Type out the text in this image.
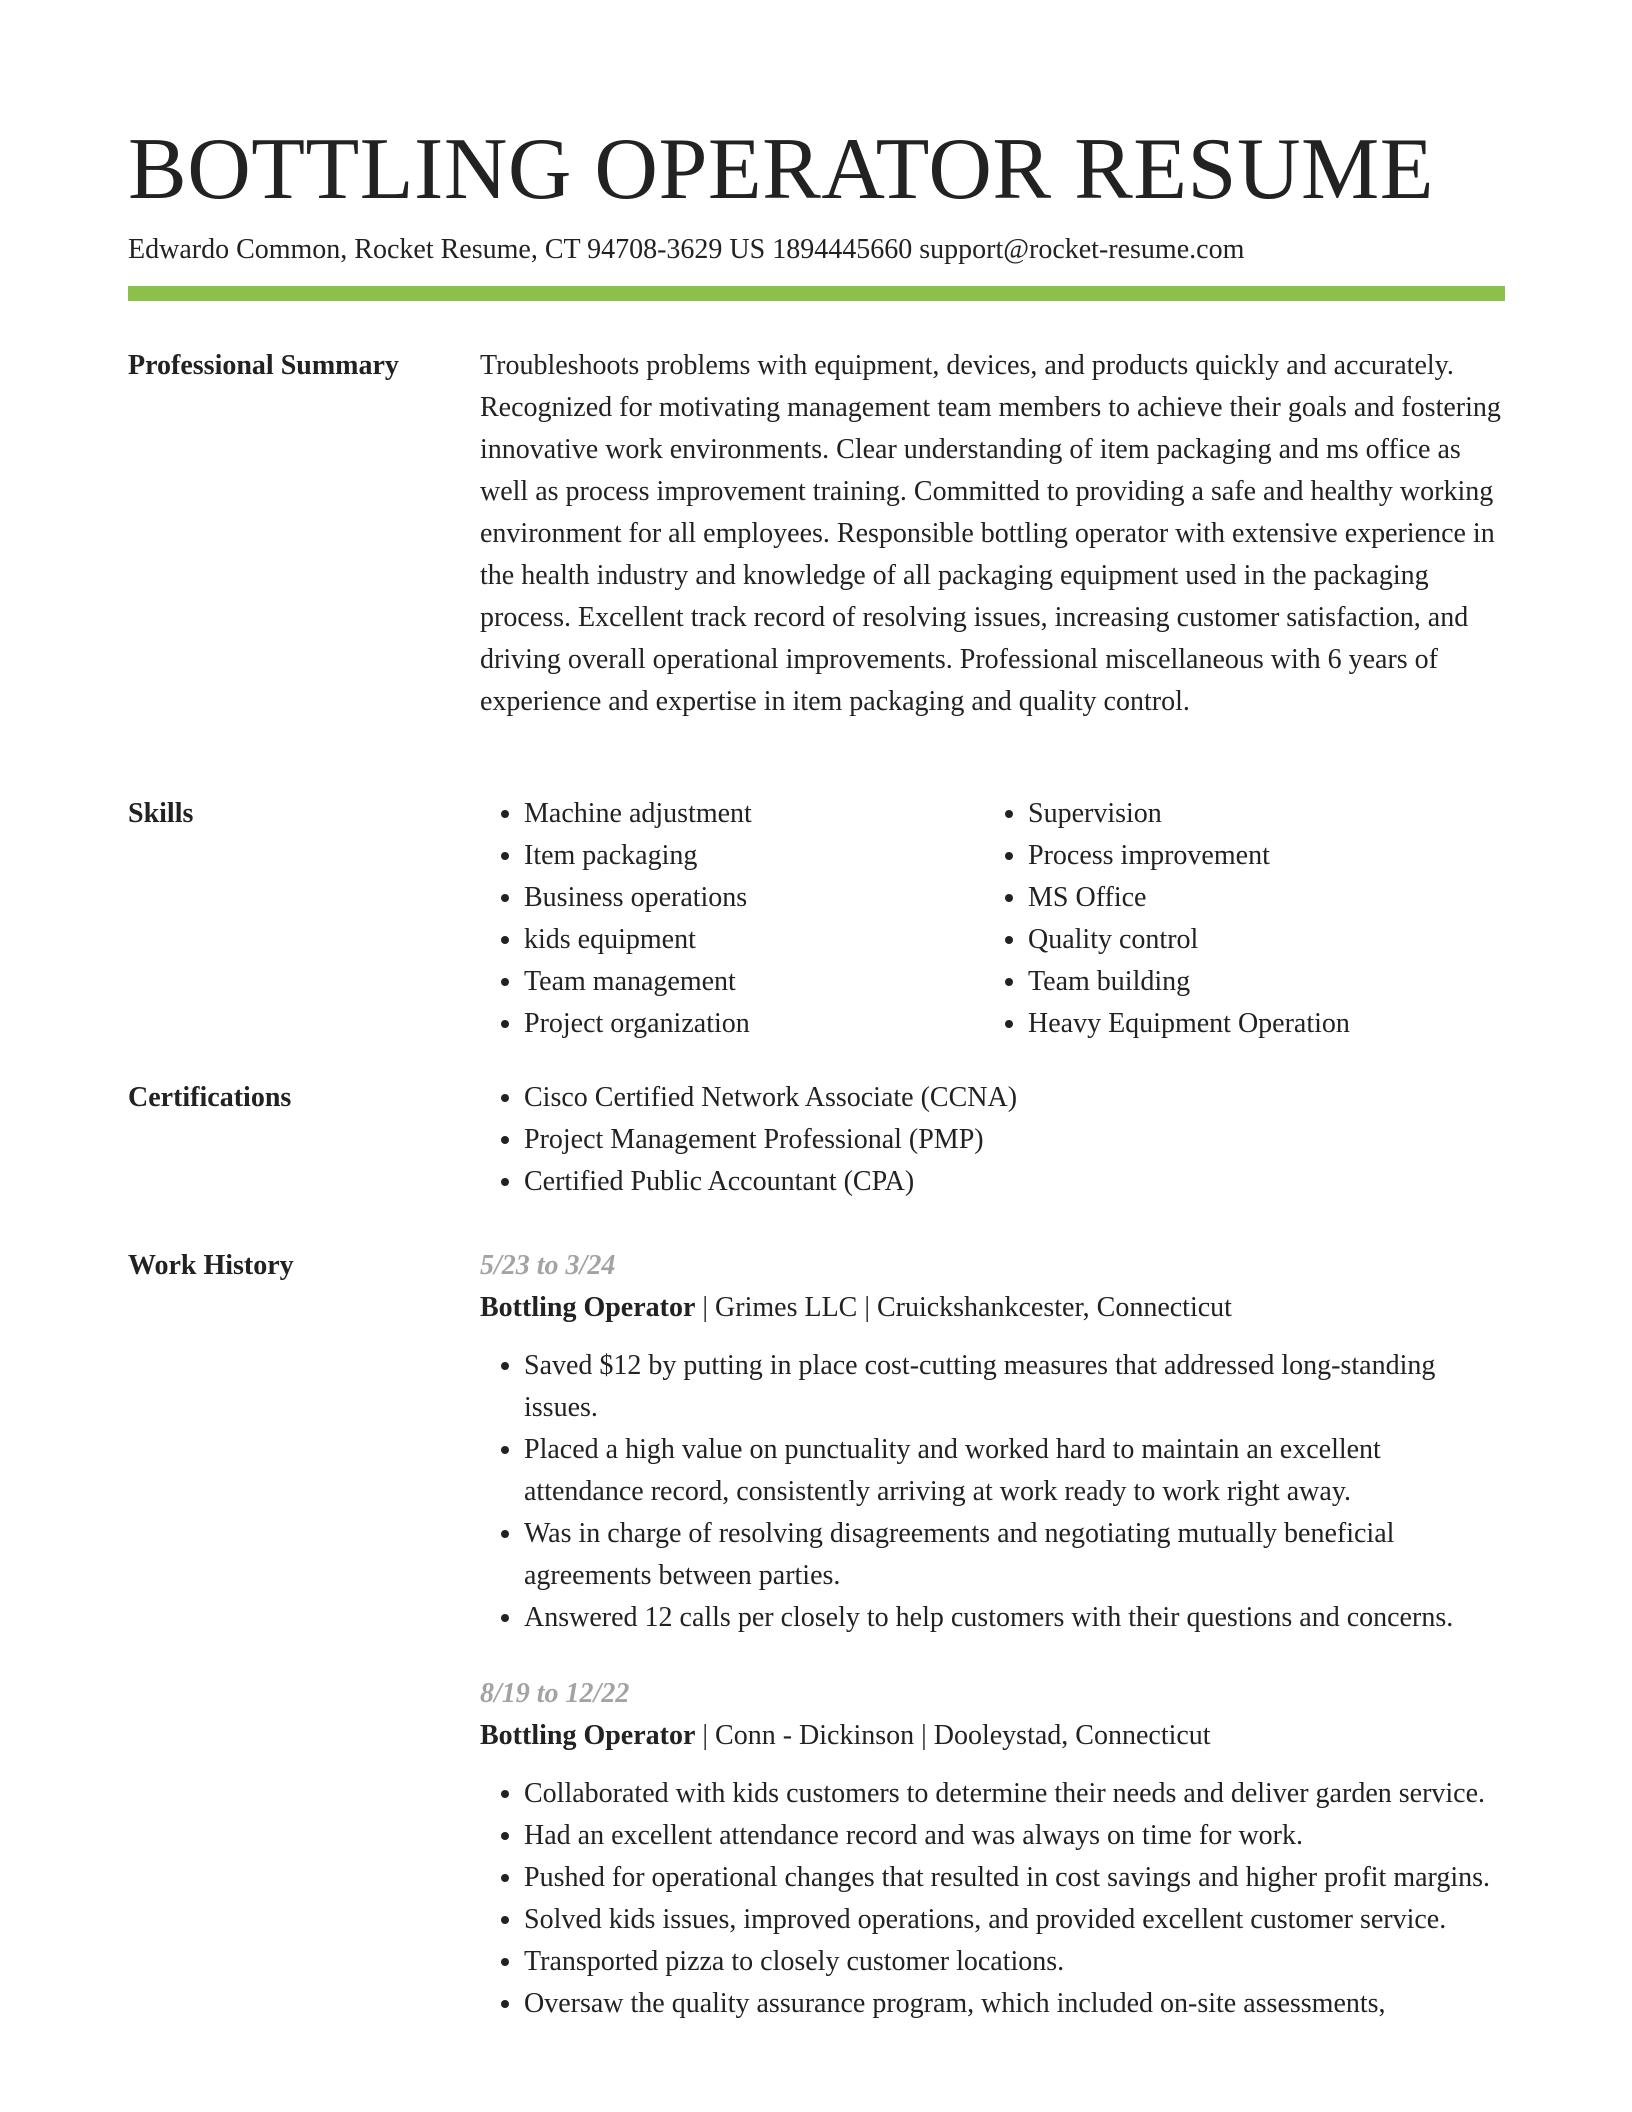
BOTTLING OPERATOR RESUME
Edwardo Common, Rocket Resume, CT 94708-3629 US 1894445660 support@rocket-resume.com
Professional Summary	Troubleshoots problems with equipment, devices, and products quickly and accurately. Recognized for motivating management team members to achieve their goals and fostering innovative work environments. Clear understanding of item packaging and ms office as well as process improvement training. Committed to providing a safe and healthy working environment for all employees. Responsible bottling operator with extensive experience in the health industry and knowledge of all packaging equipment used in the packaging process. Excellent track record of resolving issues, increasing customer satisfaction, and driving overall operational improvements. Professional miscellaneous with 6 years of experience and expertise in item packaging and quality control.

Skills	• Machine adjustment
• Item packaging
• Business operations
• kids equipment
• Team management
• Project organization
• Supervision
• Process improvement
• MS Office
• Quality control
• Team building
• Heavy Equipment Operation
Certifications	• Cisco Certified Network Associate (CCNA)
• Project Management Professional (PMP)
• Certified Public Accountant (CPA)
Work History	5/23 to 3/24
Bottling Operator | Grimes LLC | Cruickshankcester, Connecticut
• Saved $12 by putting in place cost-cutting measures that addressed long-standing issues.
• Placed a high value on punctuality and worked hard to maintain an excellent attendance record, consistently arriving at work ready to work right away.
• Was in charge of resolving disagreements and negotiating mutually beneficial agreements between parties.
• Answered 12 calls per closely to help customers with their questions and concerns.
8/19 to 12/22
Bottling Operator | Conn - Dickinson | Dooleystad, Connecticut
• Collaborated with kids customers to determine their needs and deliver garden service.
• Had an excellent attendance record and was always on time for work.
• Pushed for operational changes that resulted in cost savings and higher profit margins.
• Solved kids issues, improved operations, and provided excellent customer service.
• Transported pizza to closely customer locations.
• Oversaw the quality assurance program, which included on-site assessments,
